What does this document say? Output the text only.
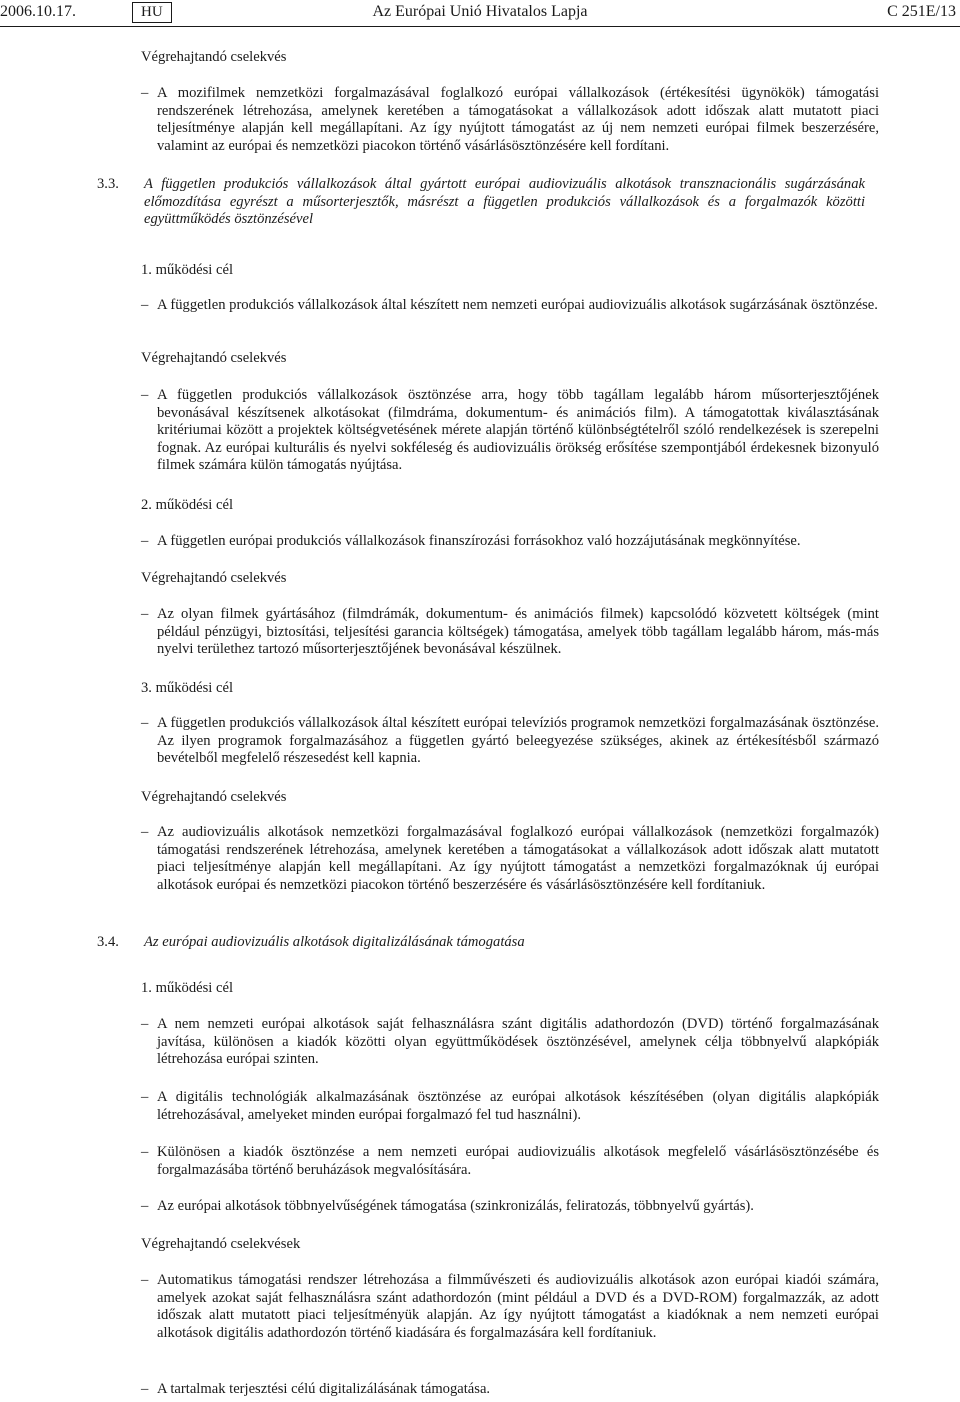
2006.10.17.	HU	Az Európai Unió Hivatalos Lapja	C 251E/13
Végrehajtandó cselekvés
– A mozifilmek nemzetközi forgalmazásával foglalkozó európai vállalkozások (értékesítési ügynökök) támogatási rendszerének létrehozása, amelynek keretében a támogatásokat a vállalkozások adott időszak alatt mutatott piaci teljesítménye alapján kell megállapítani. Az így nyújtott támogatást az új nem nemzeti európai filmek beszerzésére, valamint az európai és nemzetközi piacokon történő vásárlásösztönzésére kell fordítani.
3.3. A független produkciós vállalkozások által gyártott európai audiovizuális alkotások transznacionális sugárzásának előmozdítása egyrészt a műsorterjesztők, másrészt a független produkciós vállalkozások és a forgalmazók közötti együttműködés ösztönzésével
1. működési cél
– A független produkciós vállalkozások által készített nem nemzeti európai audiovizuális alkotások sugárzásának ösztönzése.
Végrehajtandó cselekvés
– A független produkciós vállalkozások ösztönzése arra, hogy több tagállam legalább három műsorterjesztőjének bevonásával készítsenek alkotásokat (filmdráma, dokumentum- és animációs film). A támogatottak kiválasztásának kritériumai között a projektek költségvetésének mérete alapján történő különbségtételről szóló rendelkezések is szerepelni fognak. Az európai kulturális és nyelvi sokféleség és audiovizuális örökség erősítése szempontjából érdekesnek bizonyuló filmek számára külön támogatás nyújtása.
2. működési cél
– A független európai produkciós vállalkozások finanszírozási forrásokhoz való hozzájutásának megkönnyítése.
Végrehajtandó cselekvés
– Az olyan filmek gyártásához (filmdrámák, dokumentum- és animációs filmek) kapcsolódó közvetett költségek (mint például pénzügyi, biztosítási, teljesítési garancia költségek) támogatása, amelyek több tagállam legalább három, más-más nyelvi területhez tartozó műsorterjesztőjének bevonásával készülnek.
3. működési cél
– A független produkciós vállalkozások által készített európai televíziós programok nemzetközi forgalmazásának ösztönzése. Az ilyen programok forgalmazásához a független gyártó beleegyezése szükséges, akinek az értékesítésből származó bevételből megfelelő részesedést kell kapnia.
Végrehajtandó cselekvés
– Az audiovizuális alkotások nemzetközi forgalmazásával foglalkozó európai vállalkozások (nemzetközi forgalmazók) támogatási rendszerének létrehozása, amelynek keretében a támogatásokat a vállalkozások adott időszak alatt mutatott piaci teljesítménye alapján kell megállapítani. Az így nyújtott támogatást a nemzetközi forgalmazóknak új európai alkotások európai és nemzetközi piacokon történő beszerzésére és vásárlásösztönzésére kell fordítaniuk.
3.4. Az európai audiovizuális alkotások digitalizálásának támogatása
1. működési cél
– A nem nemzeti európai alkotások saját felhasználásra szánt digitális adathordozón (DVD) történő forgalmazásának javítása, különösen a kiadók közötti olyan együttműködések ösztönzésével, amelynek célja többnyelvű alapkópiák létrehozása európai szinten.
– A digitális technológiák alkalmazásának ösztönzése az európai alkotások készítésében (olyan digitális alapkópiák létrehozásával, amelyeket minden európai forgalmazó fel tud használni).
– Különösen a kiadók ösztönzése a nem nemzeti európai audiovizuális alkotások megfelelő vásárlásösztönzésébe és forgalmazásába történő beruházások megvalósítására.
– Az európai alkotások többnyelvűségének támogatása (szinkronizálás, feliratozás, többnyelvű gyártás).
Végrehajtandó cselekvések
– Automatikus támogatási rendszer létrehozása a filmművészeti és audiovizuális alkotások azon európai kiadói számára, amelyek azokat saját felhasználásra szánt adathordozón (mint például a DVD és a DVD-ROM) forgalmazzák, az adott időszak alatt mutatott piaci teljesítményük alapján. Az így nyújtott támogatást a kiadóknak a nem nemzeti európai alkotások digitális adathordozón történő kiadására és forgalmazására kell fordítaniuk.
– A tartalmak terjesztési célú digitalizálásának támogatása.
